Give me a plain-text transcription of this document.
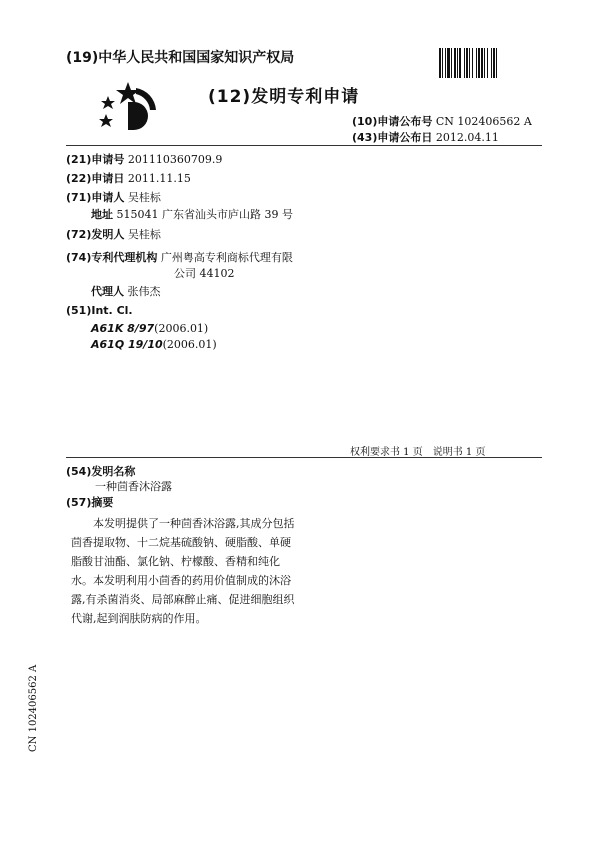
(19)中华人民共和国国家知识产权局
(12)发明专利申请
(10)申请公布号 CN 102406562 A
(43)申请公布日 2012.04.11
(21)申请号 201110360709.9
(22)申请日 2011.11.15
(71)申请人 吴桂标
地址 515041 广东省汕头市庐山路 39 号
(72)发明人 吴桂标
(74)专利代理机构 广州粤高专利商标代理有限
公司 44102
代理人 张伟杰
(51)Int. Cl.
A61K 8/97(2006.01)
A61Q 19/10(2006.01)
权利要求书 1 页　说明书 1 页
(54)发明名称
一种茴香沐浴露
(57)摘要
本发明提供了一种茴香沐浴露,其成分包括茴香提取物、十二烷基硫酸钠、硬脂酸、单硬脂酸甘油酯、氯化钠、柠檬酸、香精和纯化水。本发明利用小茴香的药用价值制成的沐浴露,有杀菌消炎、局部麻醉止痛、促进细胞组织代谢,起到润肤防病的作用。
CN 102406562 A
